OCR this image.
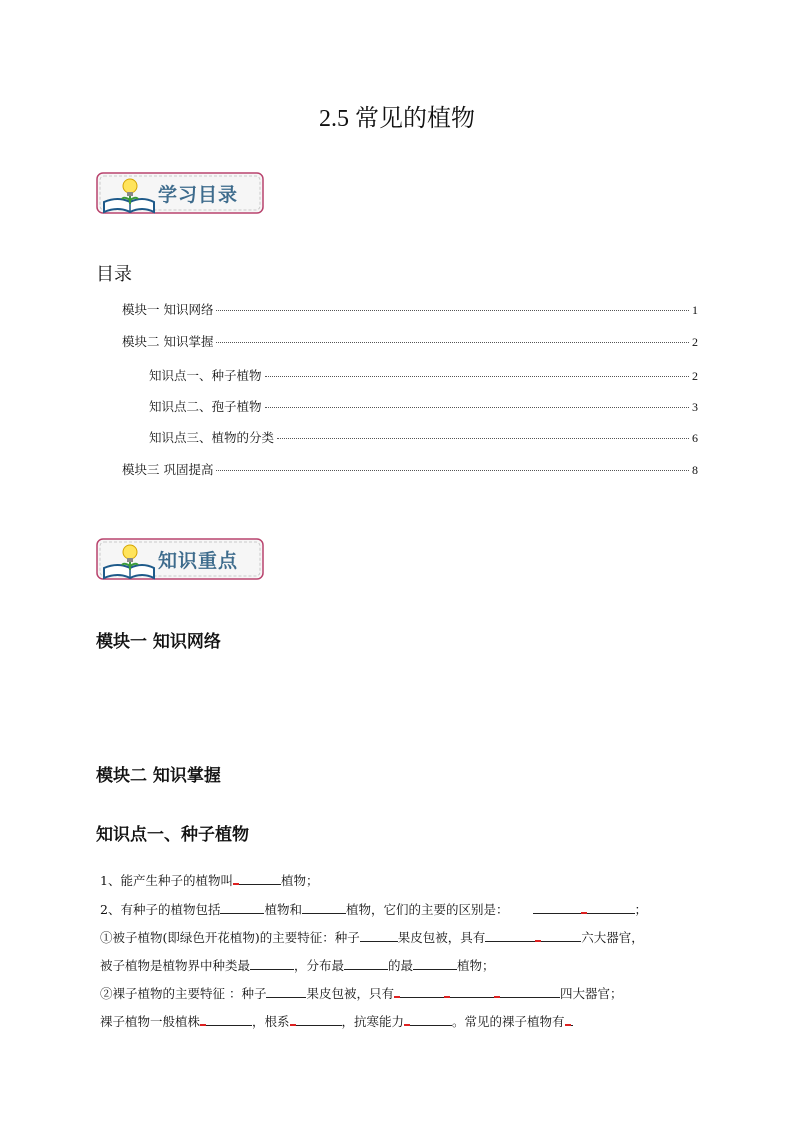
2.5 常见的植物
学习目录
目录
模块一 知识网络	1
模块二 知识掌握	2
知识点一、种子植物	2
知识点二、孢子植物	3
知识点三、植物的分类	6
模块三 巩固提高	8
知识重点
模块一 知识网络
模块二 知识掌握
知识点一、种子植物
1、能产生种子的植物叫	植物；
2、有种子的植物包括	植物和	植物，它们的主要的区别是：	；
①被子植物(即绿色开花植物)的主要特征：种子	果皮包被，具有	六大器官，
被子植物是植物界中种类最	，分布最	的最	植物；
②裸子植物的主要特征 ：种子	果皮包被，只有	四大器官；
裸子植物一般植株	，根系	，抗寒能力	。常见的裸子植物有
